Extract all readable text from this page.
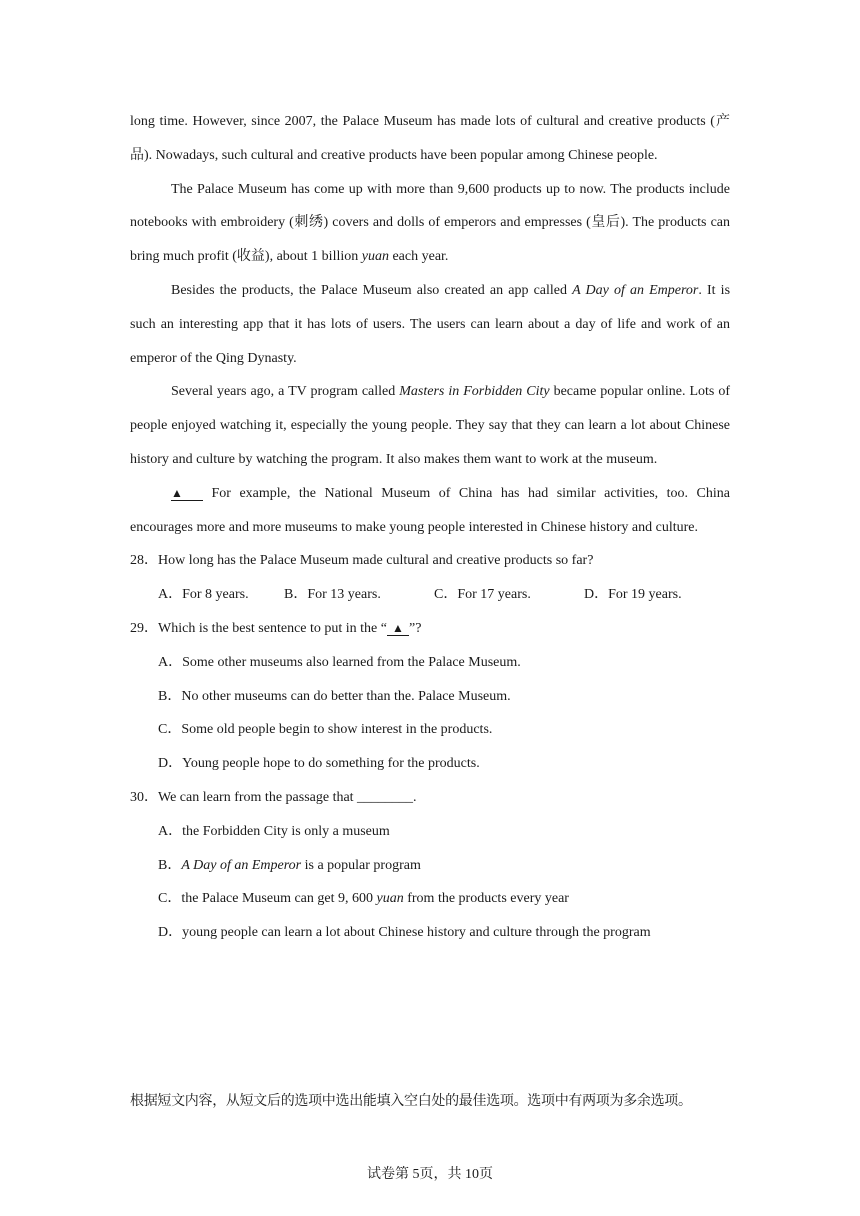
long time. However, since 2007, the Palace Museum has made lots of cultural and creative products (产品). Nowadays, such cultural and creative products have been popular among Chinese people.

The Palace Museum has come up with more than 9,600 products up to now. The products include notebooks with embroidery (刺绣) covers and dolls of emperors and empresses (皇后). The products can bring much profit (收益), about 1 billion yuan each year.

Besides the products, the Palace Museum also created an app called A Day of an Emperor. It is such an interesting app that it has lots of users. The users can learn about a day of life and work of an emperor of the Qing Dynasty.

Several years ago, a TV program called Masters in Forbidden City became popular online. Lots of people enjoyed watching it, especially the young people. They say that they can learn a lot about Chinese history and culture by watching the program. It also makes them want to work at the museum.

▲ For example, the National Museum of China has had similar activities, too. China encourages more and more museums to make young people interested in Chinese history and culture.

28．How long has the Palace Museum made cultural and creative products so far?

A．For 8 years.	B．For 13 years.	C．For 17 years.	D．For 19 years.

29．Which is the best sentence to put in the “ ▲ ”?

A．Some other museums also learned from the Palace Museum.

B．No other museums can do better than the. Palace Museum.

C．Some old people begin to show interest in the products.

D．Young people hope to do something for the products.

30．We can learn from the passage that ________.

A．the Forbidden City is only a museum

B．A Day of an Emperor is a popular program

C．the Palace Museum can get 9, 600 yuan from the products every year

D．young people can learn a lot about Chinese history and culture through the program

根据短文内容，从短文后的选项中选出能填入空白处的最佳选项。选项中有两项为多余选项。
试卷第 5页，共 10页
